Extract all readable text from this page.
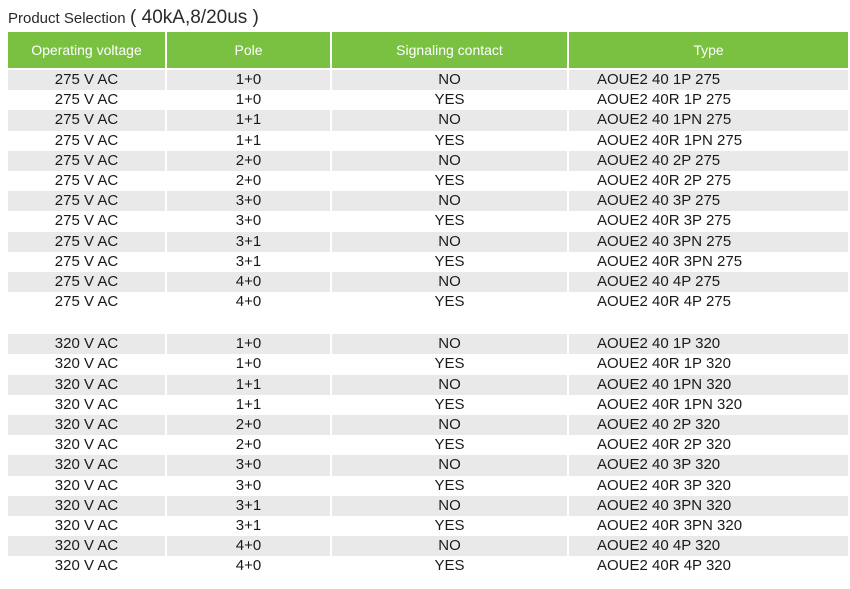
Product Selection ( 40kA,8/20us )
Operating voltage	Pole	Signaling contact	Type
275 V AC	1+0	NO	AOUE2 40 1P 275
275 V AC	1+0	YES	AOUE2 40R 1P 275
275 V AC	1+1	NO	AOUE2 40 1PN 275
275 V AC	1+1	YES	AOUE2 40R 1PN 275
275 V AC	2+0	NO	AOUE2 40 2P 275
275 V AC	2+0	YES	AOUE2 40R 2P 275
275 V AC	3+0	NO	AOUE2 40 3P 275
275 V AC	3+0	YES	AOUE2 40R 3P 275
275 V AC	3+1	NO	AOUE2 40 3PN 275
275 V AC	3+1	YES	AOUE2 40R 3PN 275
275 V AC	4+0	NO	AOUE2 40 4P 275
275 V AC	4+0	YES	AOUE2 40R 4P 275
320 V AC	1+0	NO	AOUE2 40 1P 320
320 V AC	1+0	YES	AOUE2 40R 1P 320
320 V AC	1+1	NO	AOUE2 40 1PN 320
320 V AC	1+1	YES	AOUE2 40R 1PN 320
320 V AC	2+0	NO	AOUE2 40 2P 320
320 V AC	2+0	YES	AOUE2 40R 2P 320
320 V AC	3+0	NO	AOUE2 40 3P 320
320 V AC	3+0	YES	AOUE2 40R 3P 320
320 V AC	3+1	NO	AOUE2 40 3PN 320
320 V AC	3+1	YES	AOUE2 40R 3PN 320
320 V AC	4+0	NO	AOUE2 40 4P 320
320 V AC	4+0	YES	AOUE2 40R 4P 320
